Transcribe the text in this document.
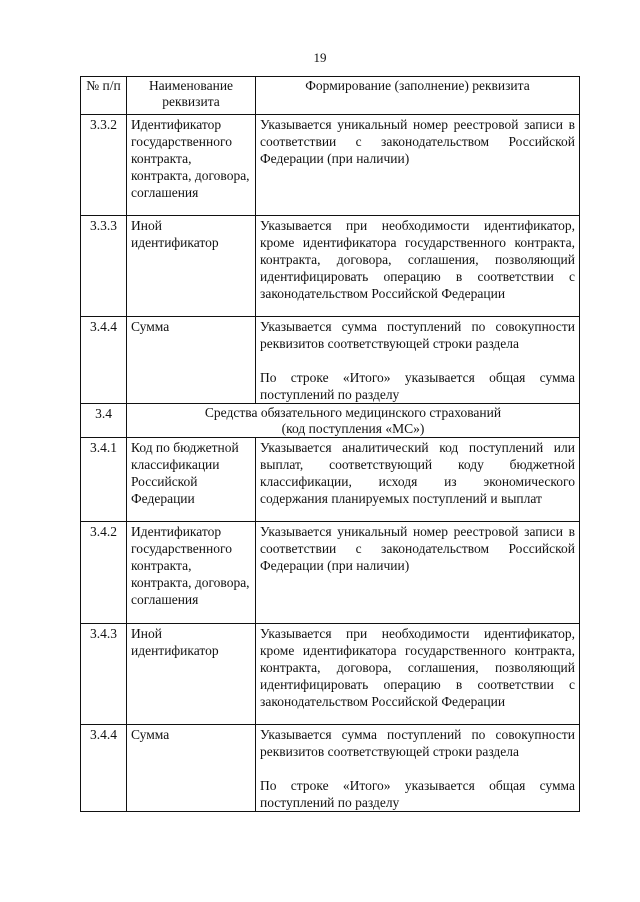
19
№ п/п	Наименование реквизита	Формирование (заполнение) реквизита
3.3.2	Идентификатор государственного контракта, контракта, договора, соглашения	Указывается уникальный номер реестровой записи в соответствии с законодательством Российской Федерации (при наличии)

3.3.3	Иной идентификатор	Указывается при необходимости идентификатор, кроме идентификатора государственного контракта, контракта, договора, соглашения, позволяющий идентифицировать операцию в соответствии с законодательством Российской Федерации

3.4.4	Сумма	Указывается сумма поступлений по совокупности реквизитов соответствующей строки раздела

По строке «Итого» указывается общая сумма поступлений по разделу

3.4	Средства обязательного медицинского страхований
(код поступления «МС»)	

3.4.1	Код по бюджетной классификации Российской Федерации	Указывается аналитический код поступлений или выплат, соответствующий коду бюджетной классификации, исходя из экономического содержания планируемых поступлений и выплат

3.4.2	Идентификатор государственного контракта, контракта, договора, соглашения	Указывается уникальный номер реестровой записи в соответствии с законодательством Российской Федерации (при наличии)

3.4.3	Иной идентификатор	Указывается при необходимости идентификатор, кроме идентификатора государственного контракта, контракта, договора, соглашения, позволяющий идентифицировать операцию в соответствии с законодательством Российской Федерации

3.4.4	Сумма	Указывается сумма поступлений по совокупности реквизитов соответствующей строки раздела

По строке «Итого» указывается общая сумма поступлений по разделу
